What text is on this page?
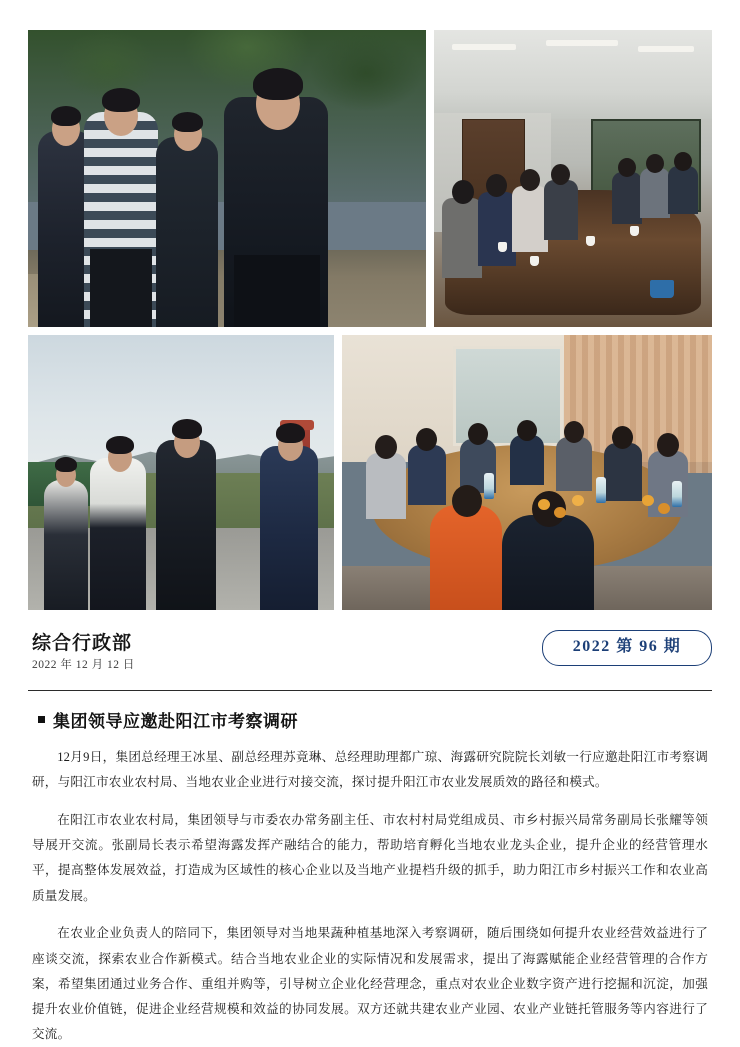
综合行政部
2022 年 12 月 12 日
2022 第 96 期
集团领导应邀赴阳江市考察调研

12月9日，集团总经理王冰星、副总经理苏竟琳、总经理助理都广琼、海露研究院院长刘敏一行应邀赴阳江市考察调研，与阳江市农业农村局、当地农业企业进行对接交流，探讨提升阳江市农业发展质效的路径和模式。

在阳江市农业农村局，集团领导与市委农办常务副主任、市农村村局党组成员、市乡村振兴局常务副局长张耀等领导展开交流。张副局长表示希望海露发挥产融结合的能力，帮助培育孵化当地农业龙头企业，提升企业的经营管理水平，提高整体发展效益，打造成为区域性的核心企业以及当地产业提档升级的抓手，助力阳江市乡村振兴工作和农业高质量发展。

在农业企业负责人的陪同下，集团领导对当地果蔬种植基地深入考察调研，随后围绕如何提升农业经营效益进行了座谈交流，探索农业合作新模式。结合当地农业企业的实际情况和发展需求，提出了海露赋能企业经营管理的合作方案，希望集团通过业务合作、重组并购等，引导树立企业化经营理念，重点对农业企业数字资产进行挖掘和沉淀，加强提升农业价值链，促进企业经营规模和效益的协同发展。双方还就共建农业产业园、农业产业链托管服务等内容进行了交流。
